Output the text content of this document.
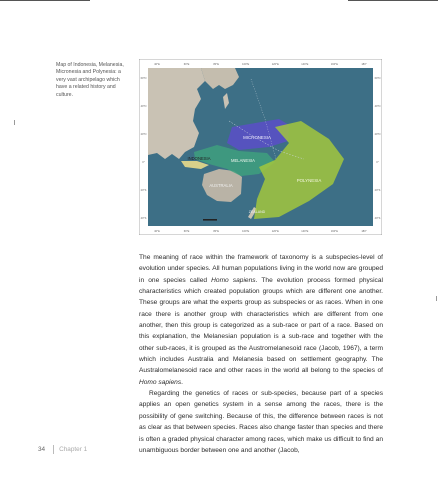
Map of Indonesia, Melanesia, Micronesia and Polynesia: a very vast archipelago which have a related history and culture.
MICRONESIA
MELANESIA
POLYNESIA
INDONESIA
AUSTRALIA
ZEALAND
40°E
40°E
60°E
60°E
80°E
80°E
100°E
100°E
120°E
120°E
140°E
140°E
160°E
160°E
180°
180°
60°N	60°N
40°N	40°N
20°N	20°N
0°	0°
20°S	20°S
40°S	40°S

The meaning of race within the framework of taxonomy is a subspecies-level of evolution under species. All human populations living in the world now are grouped in one species called Homo sapiens. The evolution process formed physical characteristics which created population groups which are different one another. These groups are what the experts group as subspecies or as races. When in one race there is another group with characteristics which are different from one another, then this group is categorized as a sub-race or part of a race. Based on this explanation, the Melanesian population is a sub-race and together with the other sub-races, it is grouped as the Austromelanesoid race (Jacob, 1967), a term which includes Australia and Melanesia based on settlement geography. The Australomelanesoid race and other races in the world all belong to the species of Homo sapiens.

Regarding the genetics of races or sub-species, because part of a species applies an open genetics system in a sense among the races, there is the possibility of gene switching. Because of this, the difference between races is not as clear as that between species. Races also change faster than species and there is often a graded physical character among races, which make us difficult to find an unambiguous border between one and another (Jacob,

34 Chapter 1
